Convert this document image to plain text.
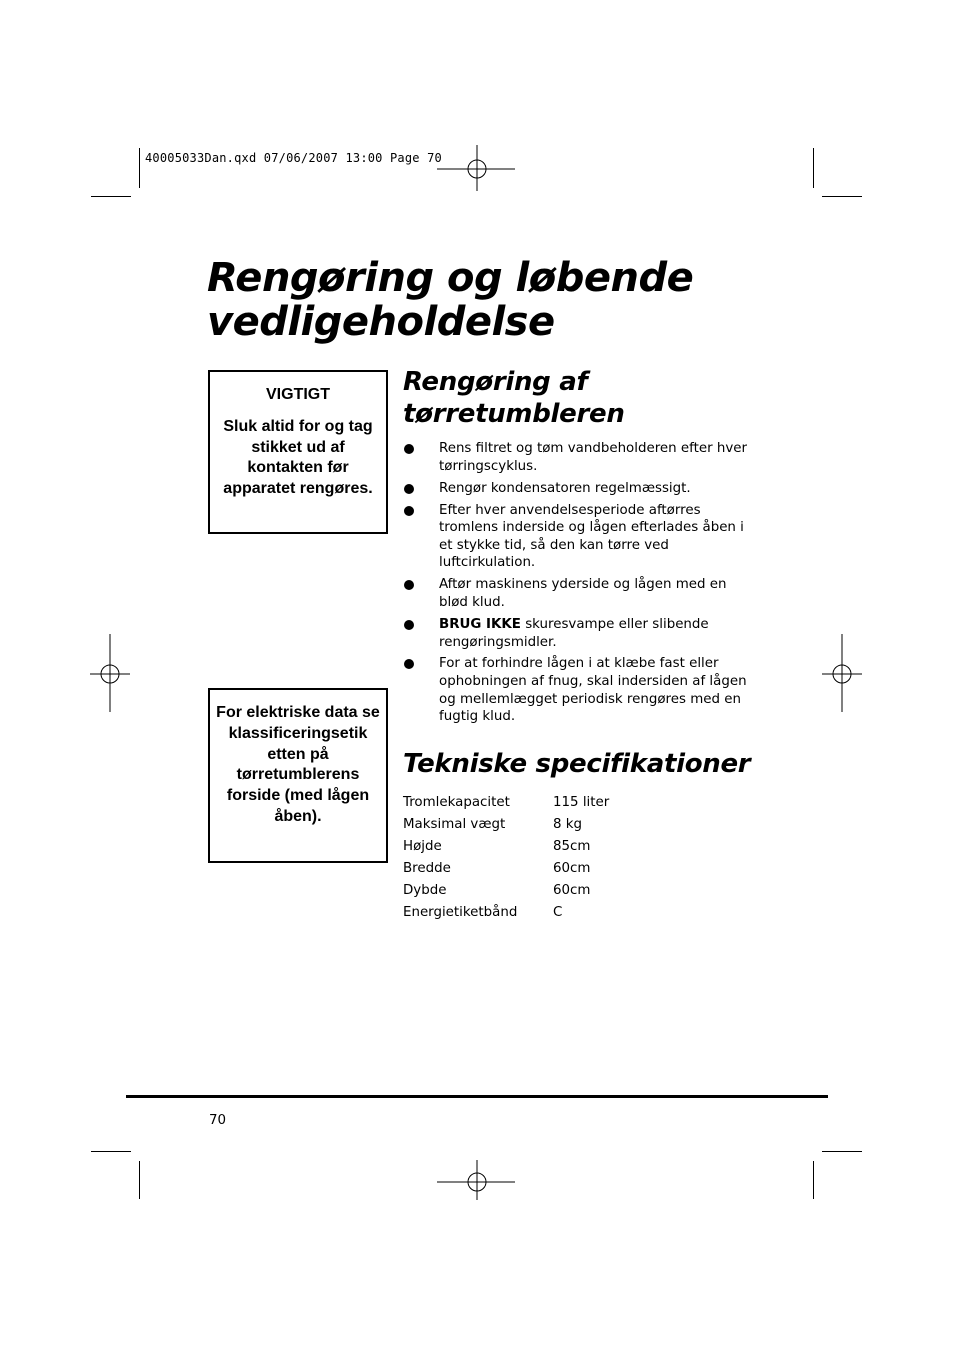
40005033Dan.qxd 07/06/2007 13:00 Page 70
Rengøring og løbende
vedligeholdelse
VIGTIGT
Sluk altid for og tag stikket ud af kontakten før apparatet rengøres.
For elektriske data se klassificeringsetik etten på tørretumblerens forside (med lågen åben).
Rengøring af
tørretumbleren
Rens filtret og tøm vandbeholderen efter hver tørringscyklus.
Rengør kondensatoren regelmæssigt.
Efter hver anvendelsesperiode aftørres tromlens inderside og lågen efterlades åben i et stykke tid, så den kan tørre ved luftcirkulation.
Aftør maskinens yderside og lågen med en blød klud.
BRUG IKKE skuresvampe eller slibende rengøringsmidler.
For at forhindre lågen i at klæbe fast eller ophobningen af fnug, skal indersiden af lågen og mellemlægget periodisk rengøres med en fugtig klud.
Tekniske specifikationer
Tromlekapacitet	115 liter
Maksimal vægt	8 kg
Højde	85cm
Bredde	60cm
Dybde	60cm
Energietiketbånd	C
70
